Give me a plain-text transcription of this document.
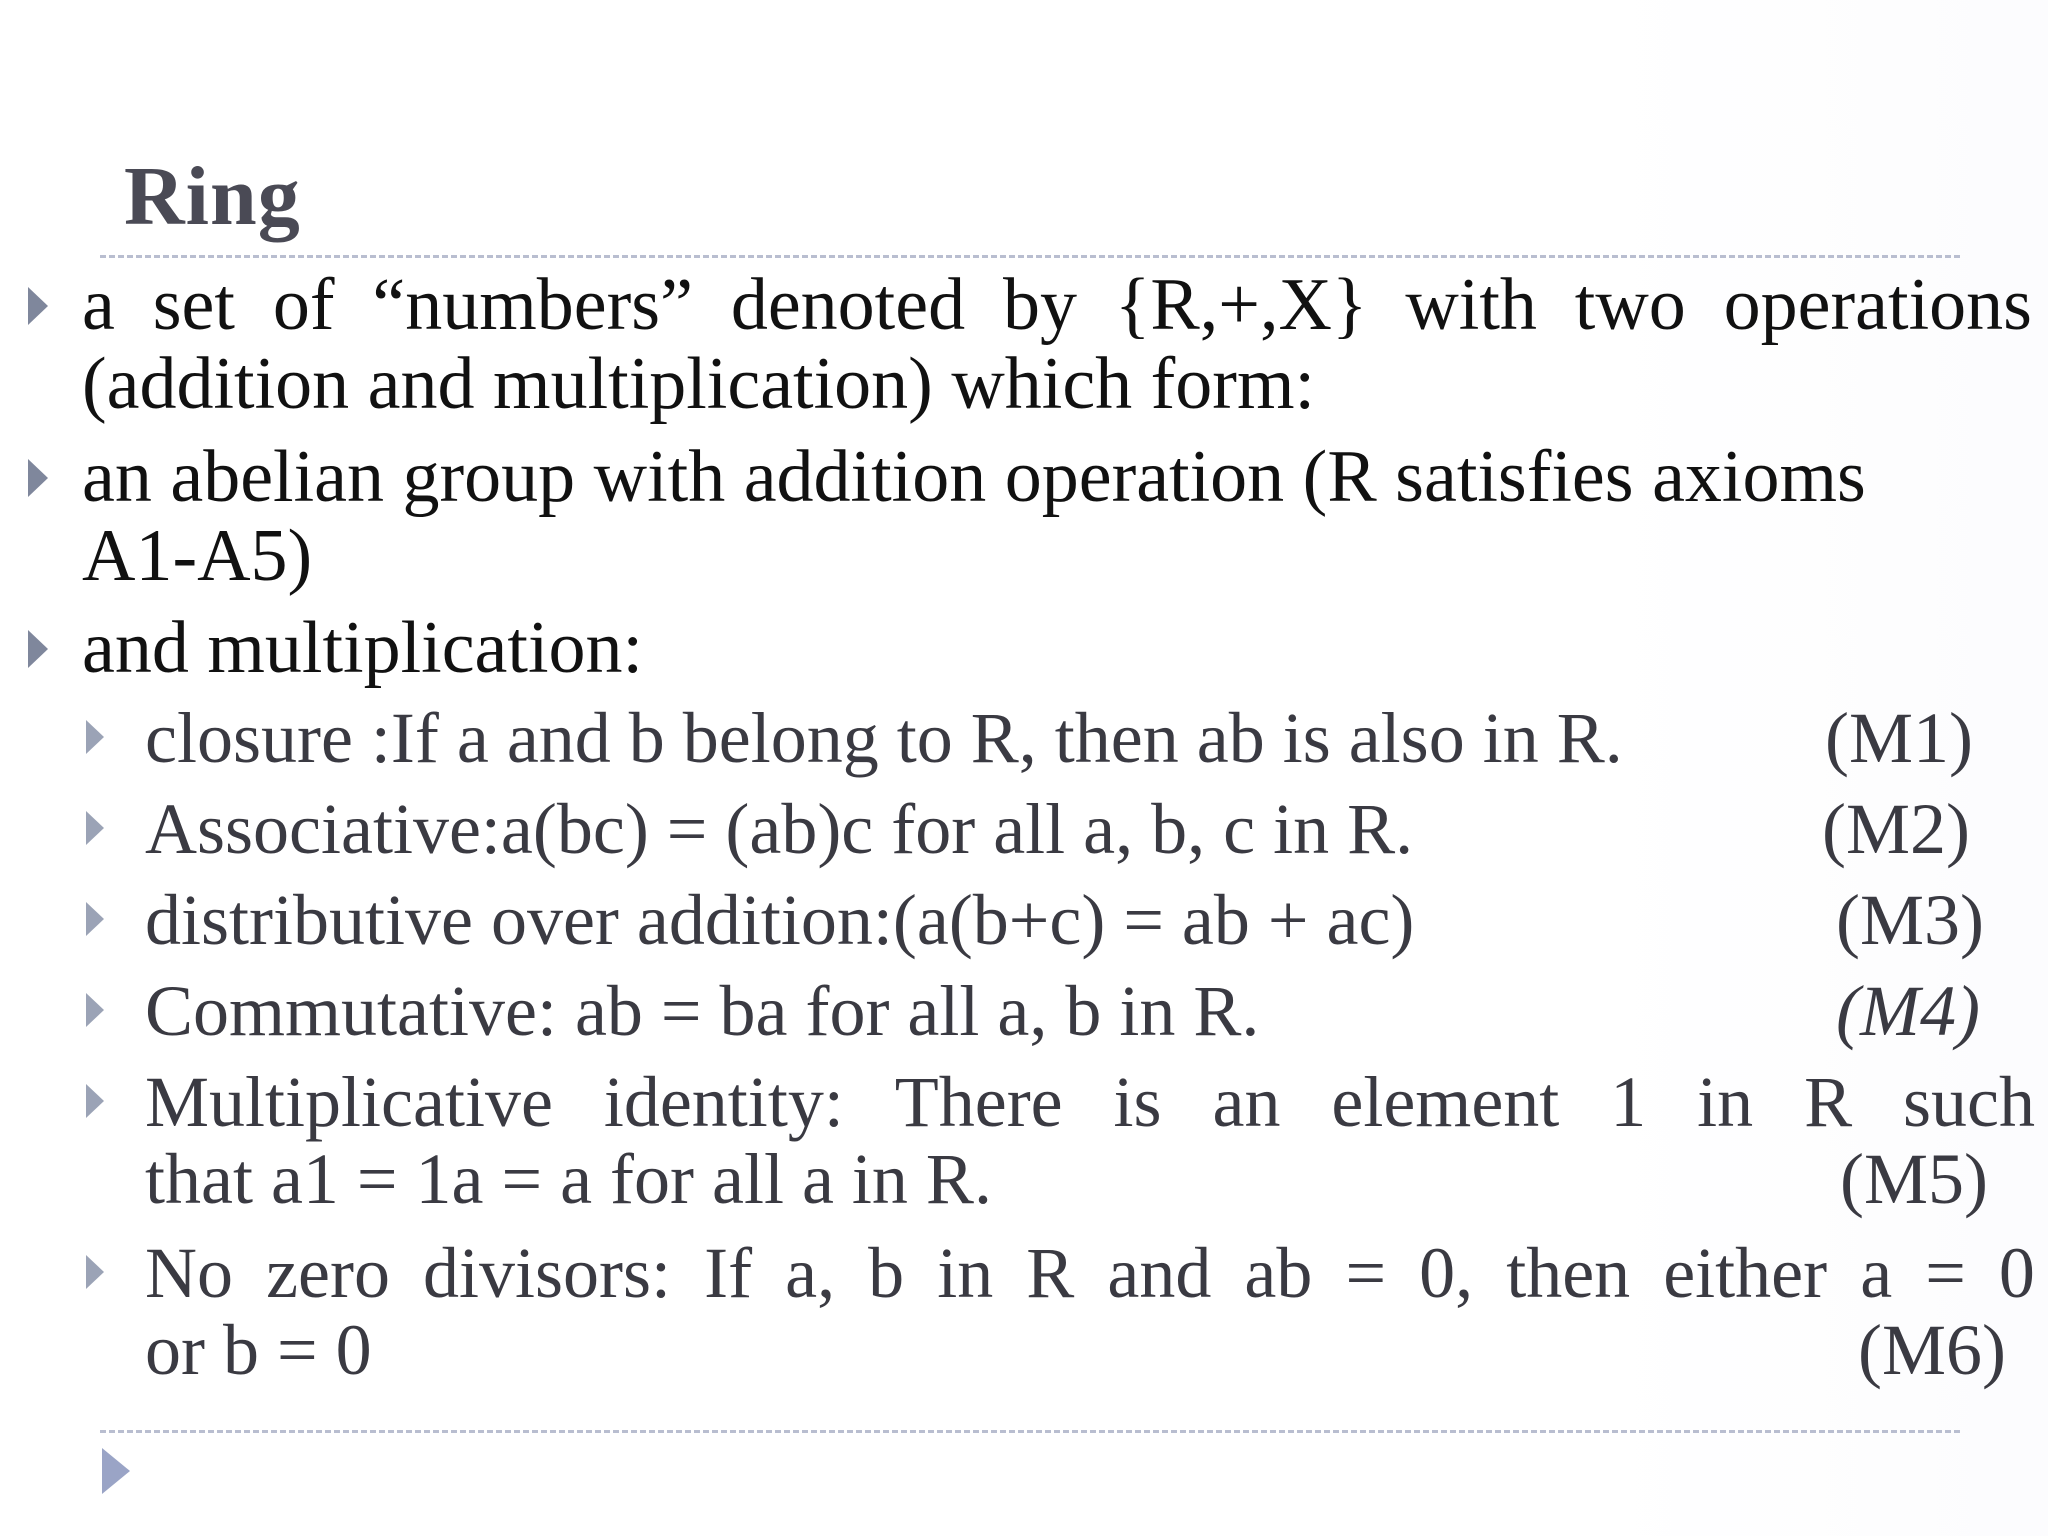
Ring
a set of “numbers” denoted by {R,+,X} with two operations
(addition and multiplication) which form:
an abelian group with addition operation (R satisfies axioms
A1-A5)
and multiplication:
closure :If a and b belong to R, then ab is also in R.	(M1)
Associative:a(bc) = (ab)c for all a, b, c in R.	(M2)
distributive over addition:(a(b+c) = ab + ac)	(M3)
Commutative: ab = ba for all a, b in R.	(M4)
Multiplicative identity: There is an element 1 in R such
that a1 = 1a = a for all a in R.	(M5)
No zero divisors: If a, b in R and ab = 0, then either a = 0
or b = 0	(M6)
